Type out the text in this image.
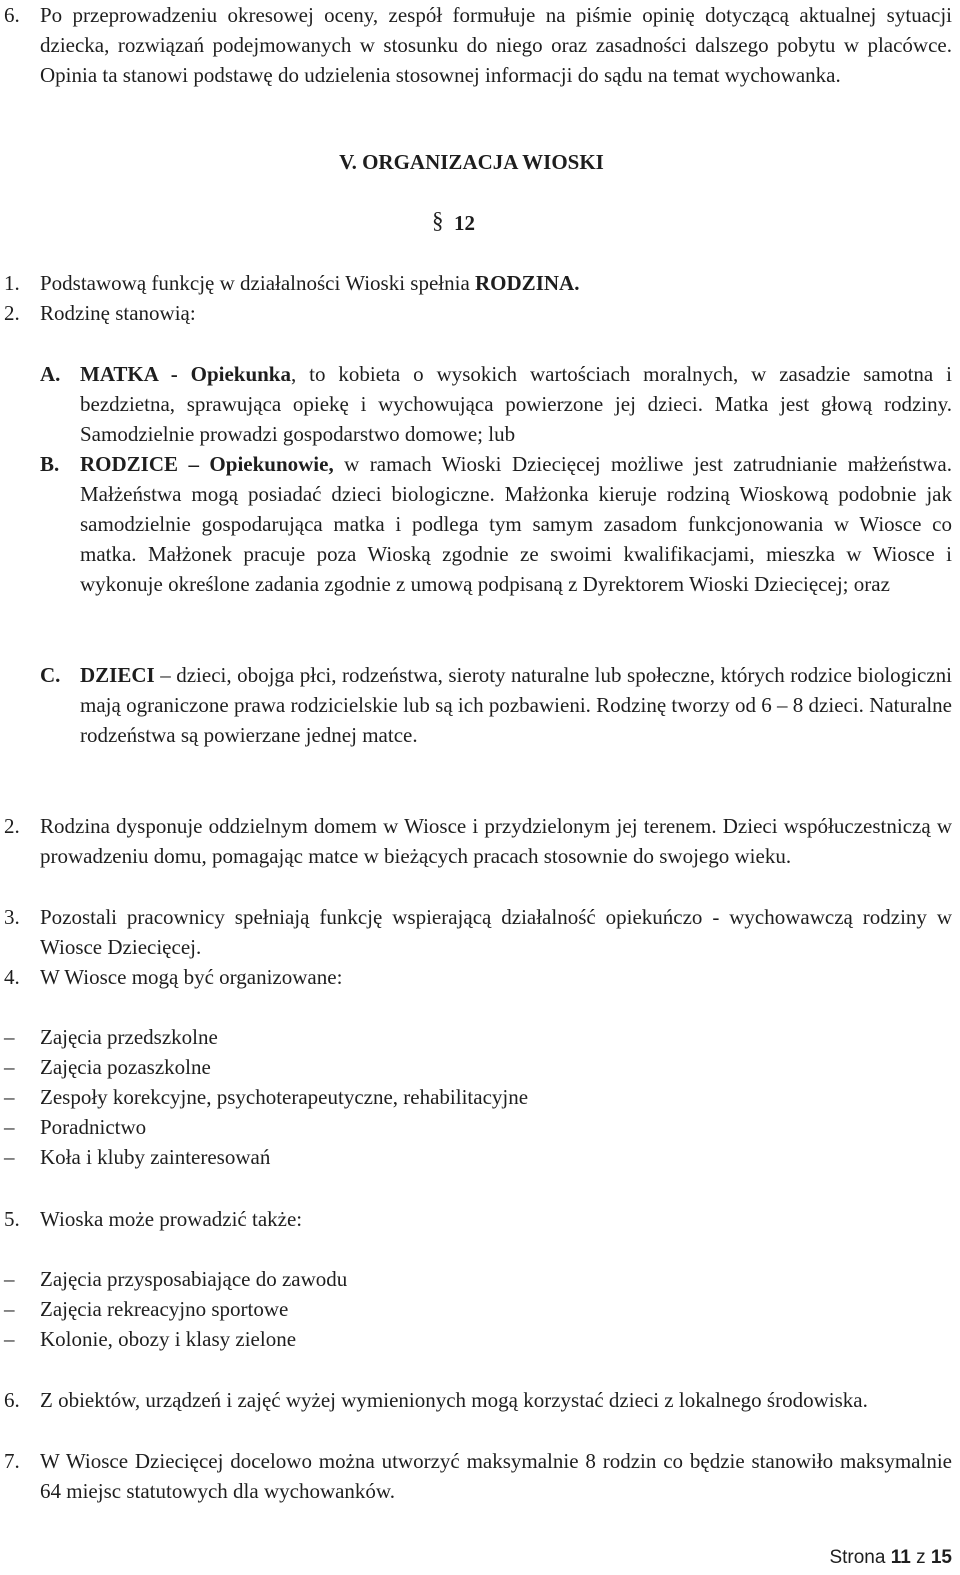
6. Po przeprowadzeniu okresowej oceny, zespół formułuje na piśmie opinię dotyczącą aktualnej sytuacji dziecka, rozwiązań podejmowanych w stosunku do niego oraz zasadności dalszego pobytu w placówce. Opinia ta stanowi podstawę do udzielenia stosownej informacji do sądu na temat wychowanka.
V. ORGANIZACJA WIOSKI
§ 12
1. Podstawową funkcję w działalności Wioski spełnia RODZINA.
2. Rodzinę stanowią:
A. MATKA - Opiekunka, to kobieta o wysokich wartościach moralnych, w zasadzie samotna i bezdzietna, sprawująca opiekę i wychowująca powierzone jej dzieci. Matka jest głową rodziny. Samodzielnie prowadzi gospodarstwo domowe; lub
B. RODZICE – Opiekunowie, w ramach Wioski Dziecięcej możliwe jest zatrudnianie małżeństwa. Małżeństwa mogą posiadać dzieci biologiczne. Małżonka kieruje rodziną Wioskową podobnie jak samodzielnie gospodarująca matka i podlega tym samym zasadom funkcjonowania w Wiosce co matka. Małżonek pracuje poza Wioską zgodnie ze swoimi kwalifikacjami, mieszka w Wiosce i wykonuje określone zadania zgodnie z umową podpisaną z Dyrektorem Wioski Dziecięcej; oraz
C. DZIECI – dzieci, obojga płci, rodzeństwa, sieroty naturalne lub społeczne, których rodzice biologiczni mają ograniczone prawa rodzicielskie lub są ich pozbawieni. Rodzinę tworzy od 6 – 8 dzieci. Naturalne rodzeństwa są powierzane jednej matce.
2. Rodzina dysponuje oddzielnym domem w Wiosce i przydzielonym jej terenem. Dzieci współuczestniczą w prowadzeniu domu, pomagając matce w bieżących pracach stosownie do swojego wieku.
3. Pozostali pracownicy spełniają funkcję wspierającą działalność opiekuńczo - wychowawczą rodziny w Wiosce Dziecięcej.
4. W Wiosce mogą być organizowane:
– Zajęcia przedszkolne
– Zajęcia pozaszkolne
– Zespoły korekcyjne, psychoterapeutyczne, rehabilitacyjne
– Poradnictwo
– Koła i kluby zainteresowań
5. Wioska może prowadzić także:
– Zajęcia przysposabiające do zawodu
– Zajęcia rekreacyjno sportowe
– Kolonie, obozy i klasy zielone
6. Z obiektów, urządzeń i zajęć wyżej wymienionych mogą korzystać dzieci z lokalnego środowiska.
7. W Wiosce Dziecięcej docelowo można utworzyć maksymalnie 8 rodzin co będzie stanowiło maksymalnie 64 miejsc statutowych dla wychowanków.
Strona 11 z 15
